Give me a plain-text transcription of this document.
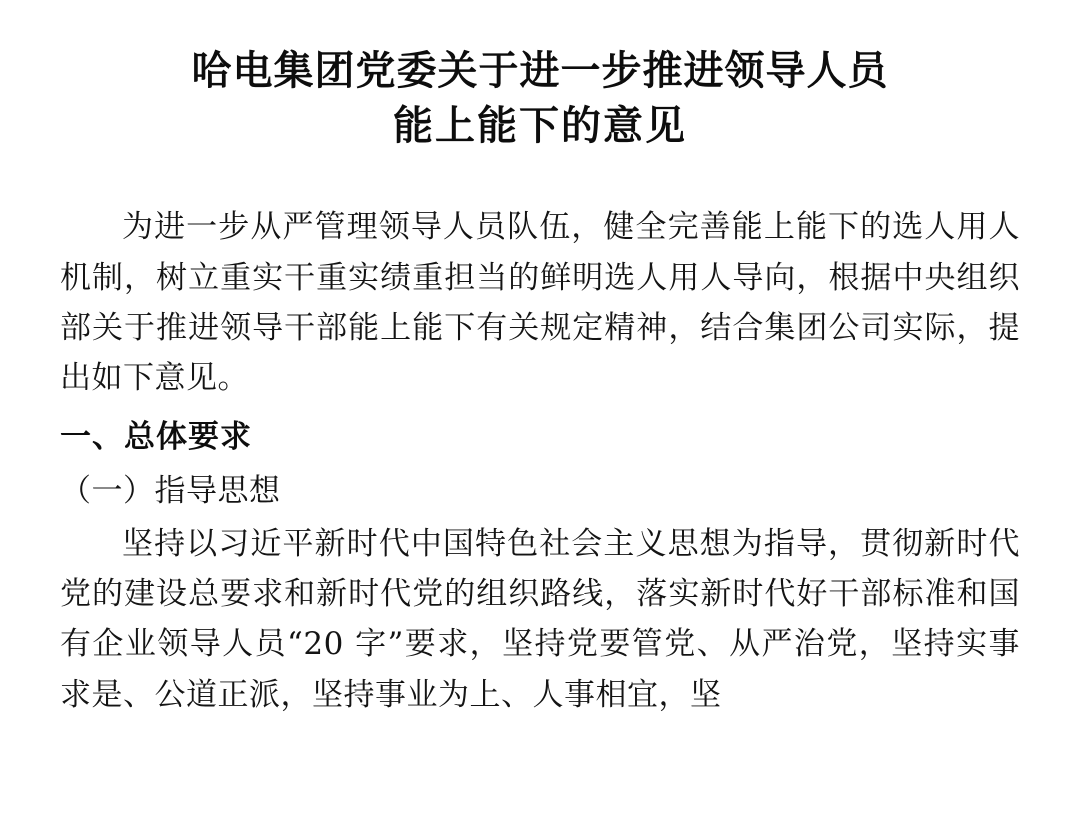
哈电集团党委关于进一步推进领导人员
能上能下的意见

为进一步从严管理领导人员队伍，健全完善能上能下的选人用人机制，树立重实干重实绩重担当的鲜明选人用人导向，根据中央组织部关于推进领导干部能上能下有关规定精神，结合集团公司实际，提出如下意见。

一、总体要求
（一）指导思想

坚持以习近平新时代中国特色社会主义思想为指导，贯彻新时代党的建设总要求和新时代党的组织路线，落实新时代好干部标准和国有企业领导人员“20 字”要求，坚持党要管党、从严治党，坚持实事求是、公道正派，坚持事业为上、人事相宜，坚
